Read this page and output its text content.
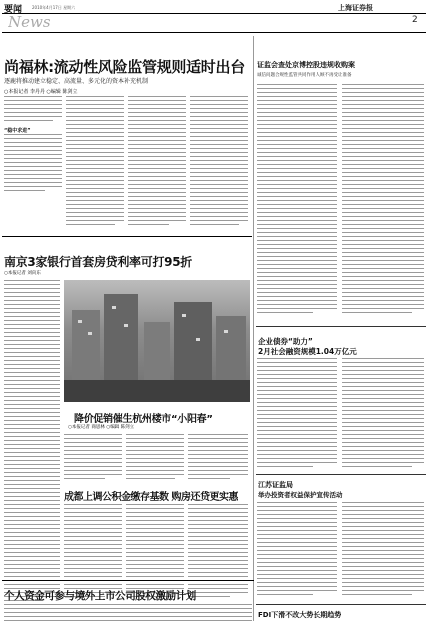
要闻 2010年4月17日 星期六	上海证券报
News	2
尚福林:流动性风险监管规则适时出台
逐鹿将推动建立稳定、高流量、多元化的资本补充机制
○本报记者 李丹丹 ○编辑 陈剑立
“稳中求进”
证监会查处京博控股违规收购案
诚信问题合规性监管共同作用人顾不再受让准备
南京3家银行首套房贷利率可打95折
○本报记者 刘向东
降价促销催生杭州楼市“小阳春”
○本报记者 商思林 ○编辑 陈剑立
成都上调公积金缴存基数 购房还贷更实惠
企业债券“助力”
2月社会融资规模1.04万亿元
江苏证监局
举办投资者权益保护宣传活动
个人资金可参与境外上市公司股权激励计划
FDI下滑不改大势长期趋势
